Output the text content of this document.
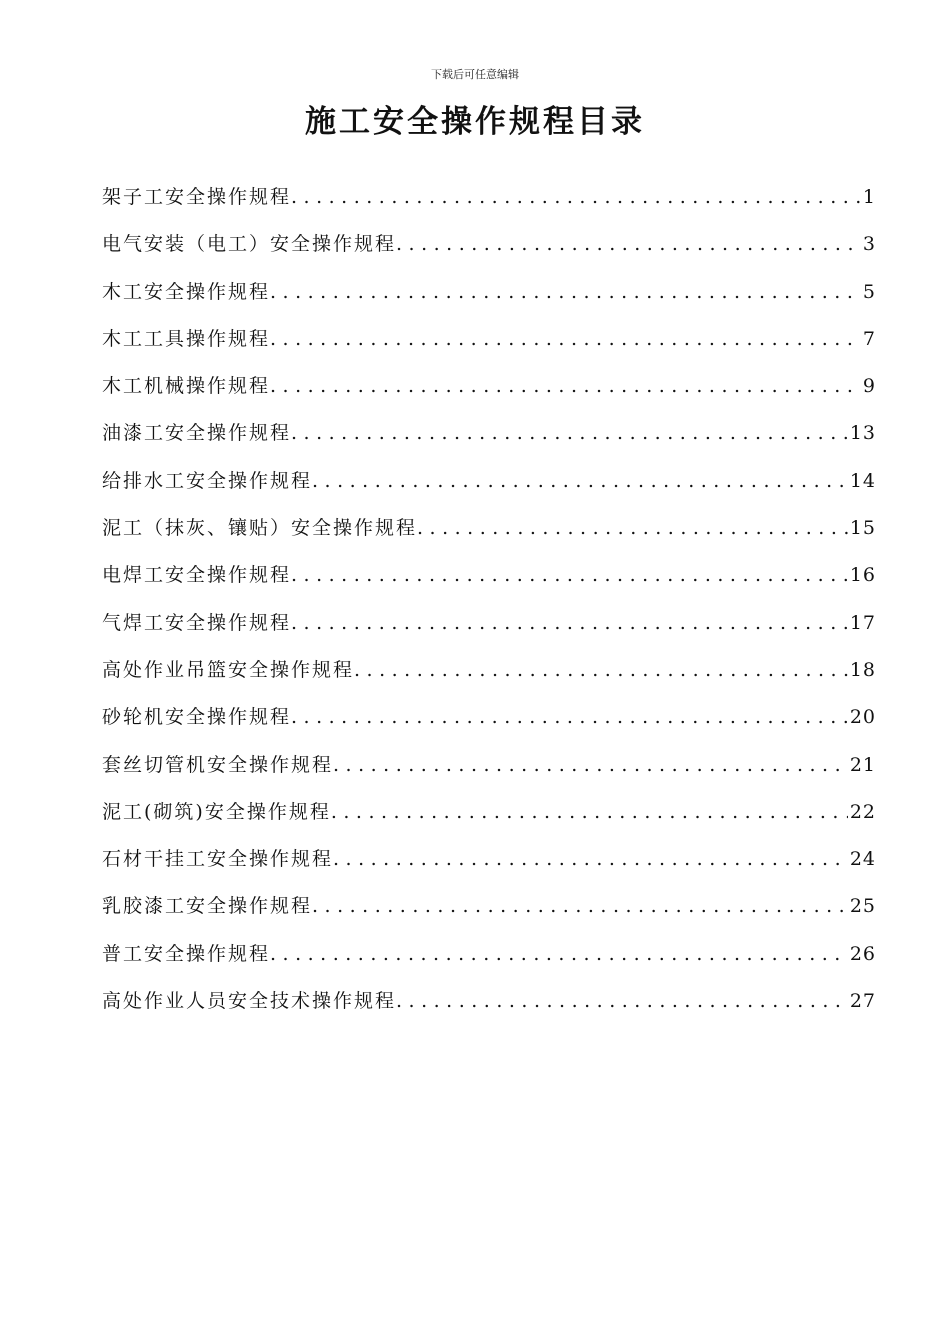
下载后可任意编辑
施工安全操作规程目录
架子工安全操作规程 .....	1
电气安装（电工）安全操作规程 .....	3
木工安全操作规程 .....	5
木工工具操作规程 .....	7
木工机械操作规程 .....	9
油漆工安全操作规程 .....	13
给排水工安全操作规程 .....	14
泥工（抹灰、镶贴）安全操作规程 .....	15
电焊工安全操作规程 .....	16
气焊工安全操作规程 .....	17
高处作业吊篮安全操作规程 .....	18
砂轮机安全操作规程 .....	20
套丝切管机安全操作规程 .....	21
泥工(砌筑)安全操作规程 .....	22
石材干挂工安全操作规程 .....	24
乳胶漆工安全操作规程 .....	25
普工安全操作规程 .....	26
高处作业人员安全技术操作规程 .....	27
